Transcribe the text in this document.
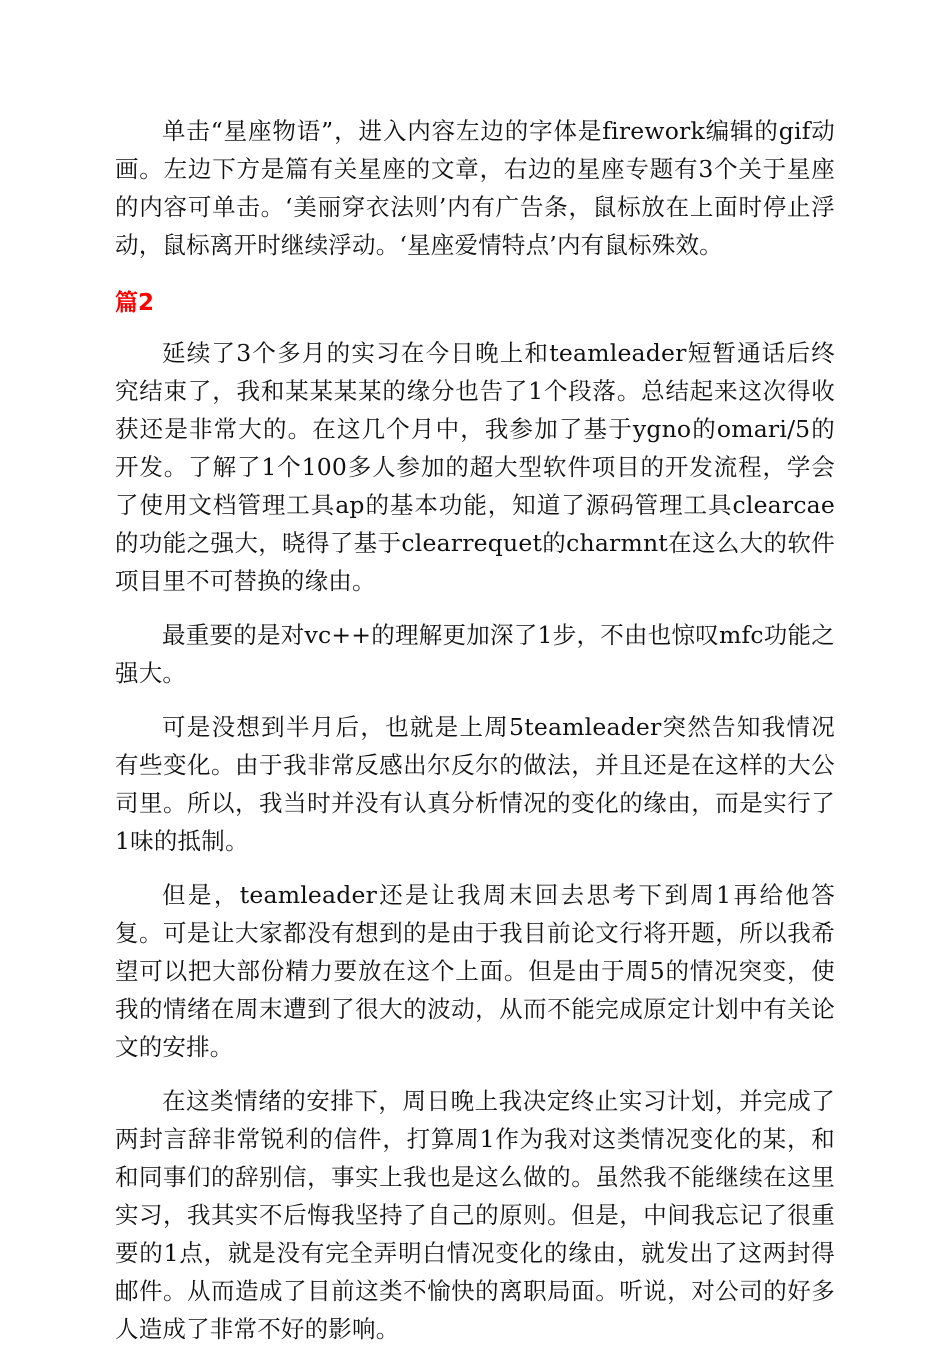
单击“星座物语”，进入内容左边的字体是firework编辑的gif动画。左边下方是篇有关星座的文章，右边的星座专题有3个关于星座的内容可单击。‘美丽穿衣法则’内有广告条，鼠标放在上面时停止浮动，鼠标离开时继续浮动。‘星座爱情特点’内有鼠标殊效。

篇2

延续了3个多月的实习在今日晚上和teamleader短暂通话后终究结束了，我和某某某某的缘分也告了1个段落。总结起来这次得收获还是非常大的。在这几个月中，我参加了基于ygno的omari/5的开发。了解了1个100多人参加的超大型软件项目的开发流程，学会了使用文档管理工具ap的基本功能，知道了源码管理工具clearcae的功能之强大，晓得了基于clearrequet的charmnt在这么大的软件项目里不可替换的缘由。

最重要的是对vc++的理解更加深了1步，不由也惊叹mfc功能之强大。

可是没想到半月后，也就是上周5teamleader突然告知我情况有些变化。由于我非常反感出尔反尔的做法，并且还是在这样的大公司里。所以，我当时并没有认真分析情况的变化的缘由，而是实行了1味的抵制。

但是，teamleader还是让我周末回去思考下到周1再给他答复。可是让大家都没有想到的是由于我目前论文行将开题，所以我希望可以把大部份精力要放在这个上面。但是由于周5的情况突变，使我的情绪在周末遭到了很大的波动，从而不能完成原定计划中有关论文的安排。

在这类情绪的安排下，周日晚上我决定终止实习计划，并完成了两封言辞非常锐利的信件，打算周1作为我对这类情况变化的某，和和同事们的辞别信，事实上我也是这么做的。虽然我不能继续在这里实习，我其实不后悔我坚持了自己的原则。但是，中间我忘记了很重要的1点，就是没有完全弄明白情况变化的缘由，就发出了这两封得邮件。从而造成了目前这类不愉快的离职局面。听说，对公司的好多人造成了非常不好的影响。
